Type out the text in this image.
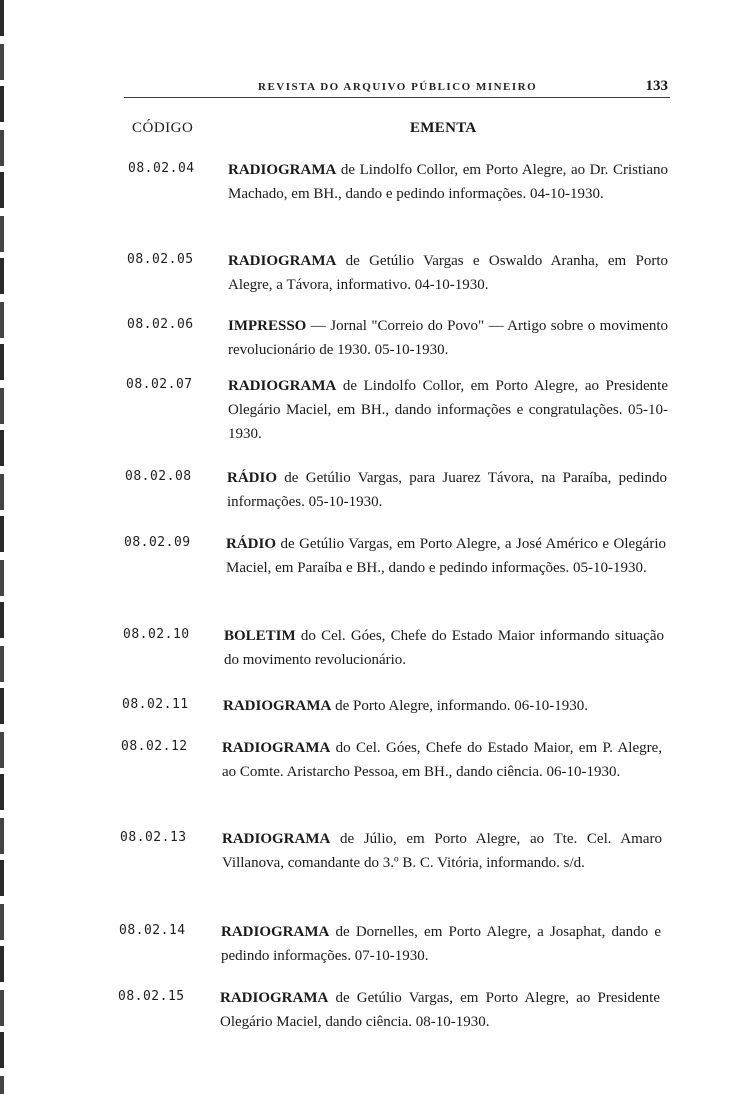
REVISTA DO ARQUIVO PÚBLICO MINEIRO	133
CÓDIGO	EMENTA
08.02.04 RADIOGRAMA de Lindolfo Collor, em Porto Alegre, ao Dr. Cristiano Machado, em BH., dando e pedindo informações. 04-10-1930.
08.02.05 RADIOGRAMA de Getúlio Vargas e Oswaldo Aranha, em Porto Alegre, a Távora, informativo. 04-10-1930.
08.02.06 IMPRESSO — Jornal "Correio do Povo" — Artigo sobre o movimento revolucionário de 1930. 05-10-1930.
08.02.07 RADIOGRAMA de Lindolfo Collor, em Porto Alegre, ao Presidente Olegário Maciel, em BH., dando informações e congratulações. 05-10-1930.
08.02.08 RÁDIO de Getúlio Vargas, para Juarez Távora, na Paraíba, pedindo informações. 05-10-1930.
08.02.09 RÁDIO de Getúlio Vargas, em Porto Alegre, a José Américo e Olegário Maciel, em Paraíba e BH., dando e pedindo informações. 05-10-1930.
08.02.10 BOLETIM do Cel. Góes, Chefe do Estado Maior informando situação do movimento revolucionário.
08.02.11 RADIOGRAMA de Porto Alegre, informando. 06-10-1930.
08.02.12 RADIOGRAMA do Cel. Góes, Chefe do Estado Maior, em P. Alegre, ao Comte. Aristarcho Pessoa, em BH., dando ciência. 06-10-1930.
08.02.13 RADIOGRAMA de Júlio, em Porto Alegre, ao Tte. Cel. Amaro Villanova, comandante do 3.º B. C. Vitória, informando. s/d.
08.02.14 RADIOGRAMA de Dornelles, em Porto Alegre, a Josaphat, dando e pedindo informações. 07-10-1930.
08.02.15 RADIOGRAMA de Getúlio Vargas, em Porto Alegre, ao Presidente Olegário Maciel, dando ciência. 08-10-1930.
